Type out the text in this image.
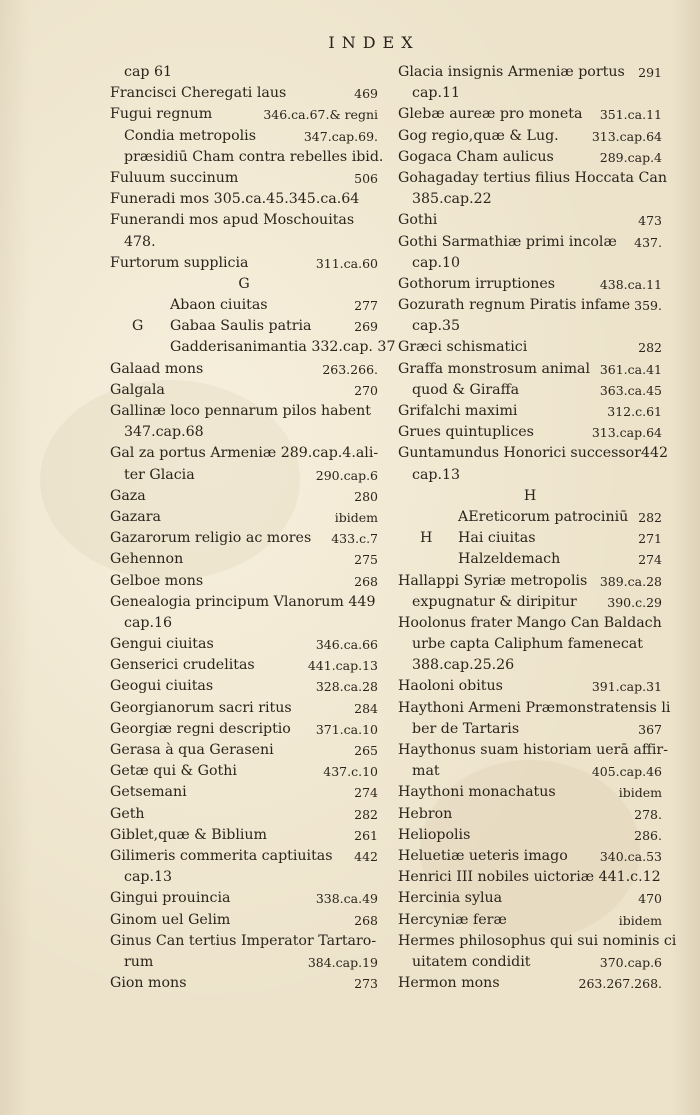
INDEX
cap 61
Francisci Cheregati laus	469
Fugui regnum	346.ca.67.& regni
Condia metropolis	347.cap.69.
præsidiū Cham contra rebelles ibid.
Fuluum succinum	506
Funeradi mos 305.ca.45.345.ca.64
Funerandi mos apud Moschouitas
478.
Furtorum supplicia	311.ca.60
G
Abaon ciuitas	277
G Gabaa Saulis patria	269
Gadderisanimantia 332.cap. 37
Galaad mons	263.266.
Galgala	270
Gallinæ loco pennarum pilos habent
347.cap.68
Gal za portus Armeniæ 289.cap.4.ali-
ter Glacia	290.cap.6
Gaza	280
Gazara	ibidem
Gazarorum religio ac mores 433.c.7
Gehennon	275
Gelboe mons	268
Genealogia principum Vlanorum 449
cap.16
Gengui ciuitas	346.ca.66
Genserici crudelitas	441.cap.13
Geogui ciuitas	328.ca.28
Georgianorum sacri ritus	284
Georgiæ regni descriptio 371.ca.10
Gerasa à qua Geraseni	265
Getæ qui & Gothi	437.c.10
Getsemani	274
Geth	282
Giblet,quæ & Biblium	261
Gilimeris commerita captiuitas 442
cap.13
Gingui prouincia	338.ca.49
Ginom uel Gelim	268
Ginus Can tertius Imperator Tartaro-
rum	384.cap.19
Gion mons	273
Glacia insignis Armeniæ portus 291
cap.11
Glebæ aureæ pro moneta 351.ca.11
Gog regio,quæ & Lug.	313.cap.64
Gogaca Cham aulicus	289.cap.4
Gohagaday tertius filius Hoccata Can
385.cap.22
Gothi	473
Gothi Sarmathiæ primi incolæ 437.
cap.10
Gothorum irruptiones	438.ca.11
Gozurath regnum Piratis infame 359.
cap.35
Græci schismatici	282
Graffa monstrosum animal 361.ca.41
quod & Giraffa	363.ca.45
Grifalchi maximi	312.c.61
Grues quintuplices	313.cap.64
Guntamundus Honorici successor442
cap.13
H
AEreticorum patrociniū 282
H Hai ciuitas	271
Halzeldemach	274
Hallappi Syriæ metropolis 389.ca.28
expugnatur & diripitur 390.c.29
Hoolonus frater Mango Can Baldach
urbe capta Caliphum famenecat
388.cap.25.26
Haoloni obitus	391.cap.31
Haythoni Armeni Præmonstratensis li
ber de Tartaris	367
Haythonus suam historiam uerā affir-
mat	405.cap.46
Haythoni monachatus	ibidem
Hebron	278.
Heliopolis	286.
Heluetiæ ueteris imago	340.ca.53
Henrici III nobiles uictoriæ 441.c.12
Hercinia sylua	470
Hercyniæ feræ	ibidem
Hermes philosophus qui sui nominis ci
uitatem condidit	370.cap.6
Hermon mons	263.267.268.
